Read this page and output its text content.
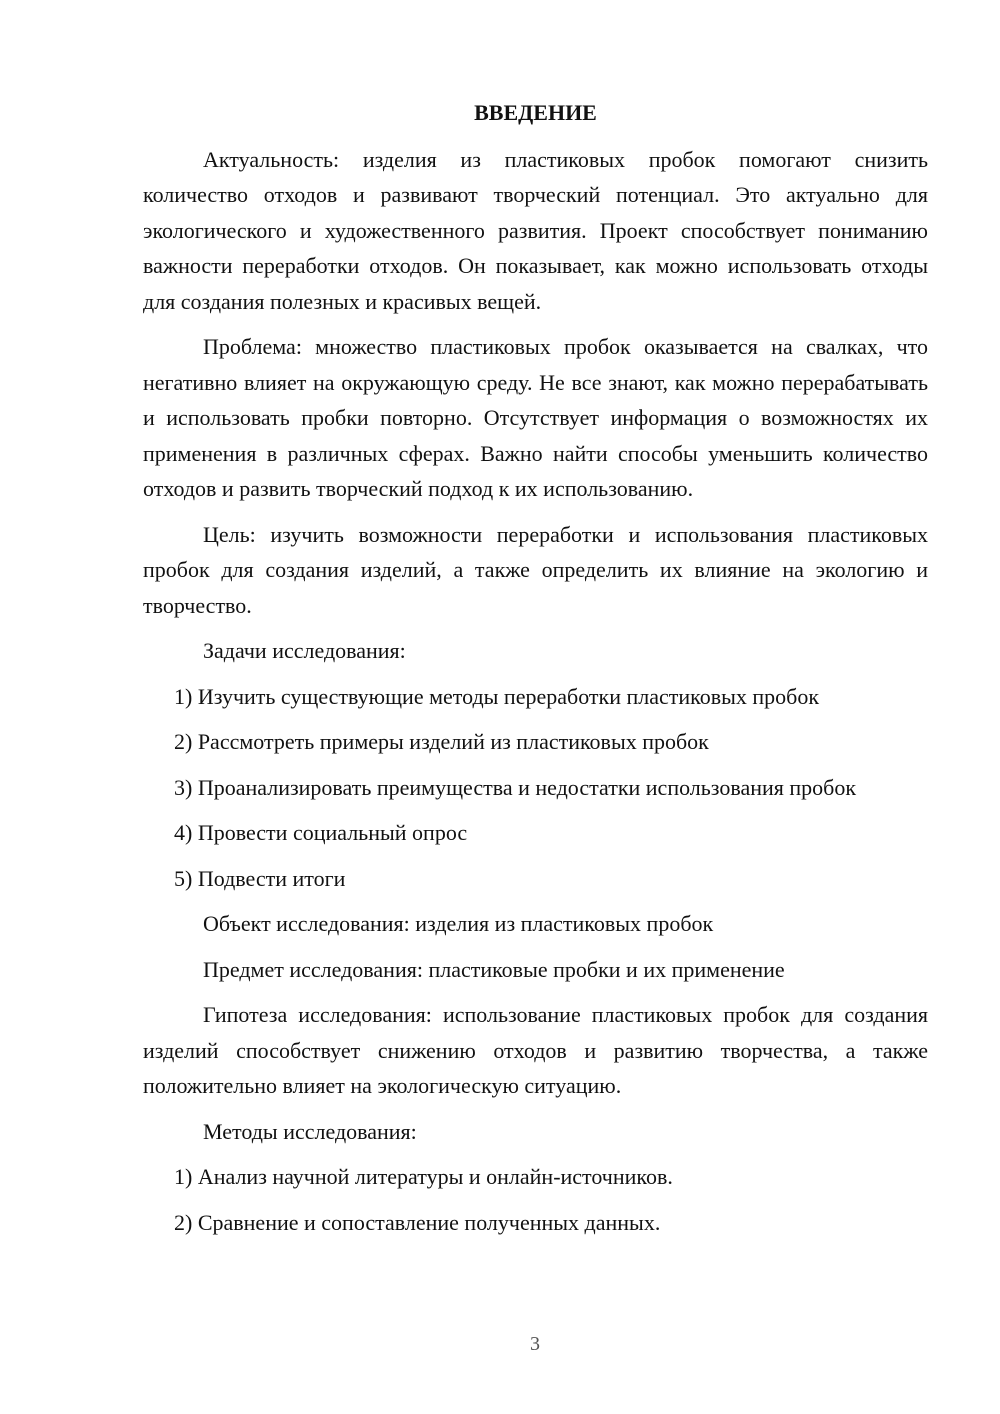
ВВЕДЕНИЕ

Актуальность: изделия из пластиковых пробок помогают снизить количество отходов и развивают творческий потенциал. Это актуально для экологического и художественного развития. Проект способствует пониманию важности переработки отходов. Он показывает, как можно использовать отходы для создания полезных и красивых вещей.

Проблема: множество пластиковых пробок оказывается на свалках, что негативно влияет на окружающую среду. Не все знают, как можно перерабатывать и использовать пробки повторно. Отсутствует информация о возможностях их применения в различных сферах. Важно найти способы уменьшить количество отходов и развить творческий подход к их использованию.

Цель: изучить возможности переработки и использования пластиковых пробок для создания изделий, а также определить их влияние на экологию и творчество.

Задачи исследования:

1) Изучить существующие методы переработки пластиковых пробок

2) Рассмотреть примеры изделий из пластиковых пробок

3) Проанализировать преимущества и недостатки использования пробок

4) Провести социальный опрос

5) Подвести итоги

Объект исследования: изделия из пластиковых пробок

Предмет исследования: пластиковые пробки и их применение

Гипотеза исследования: использование пластиковых пробок для создания изделий способствует снижению отходов и развитию творчества, а также положительно влияет на экологическую ситуацию.

Методы исследования:

1) Анализ научной литературы и онлайн-источников.

2) Сравнение и сопоставление полученных данных.

3
